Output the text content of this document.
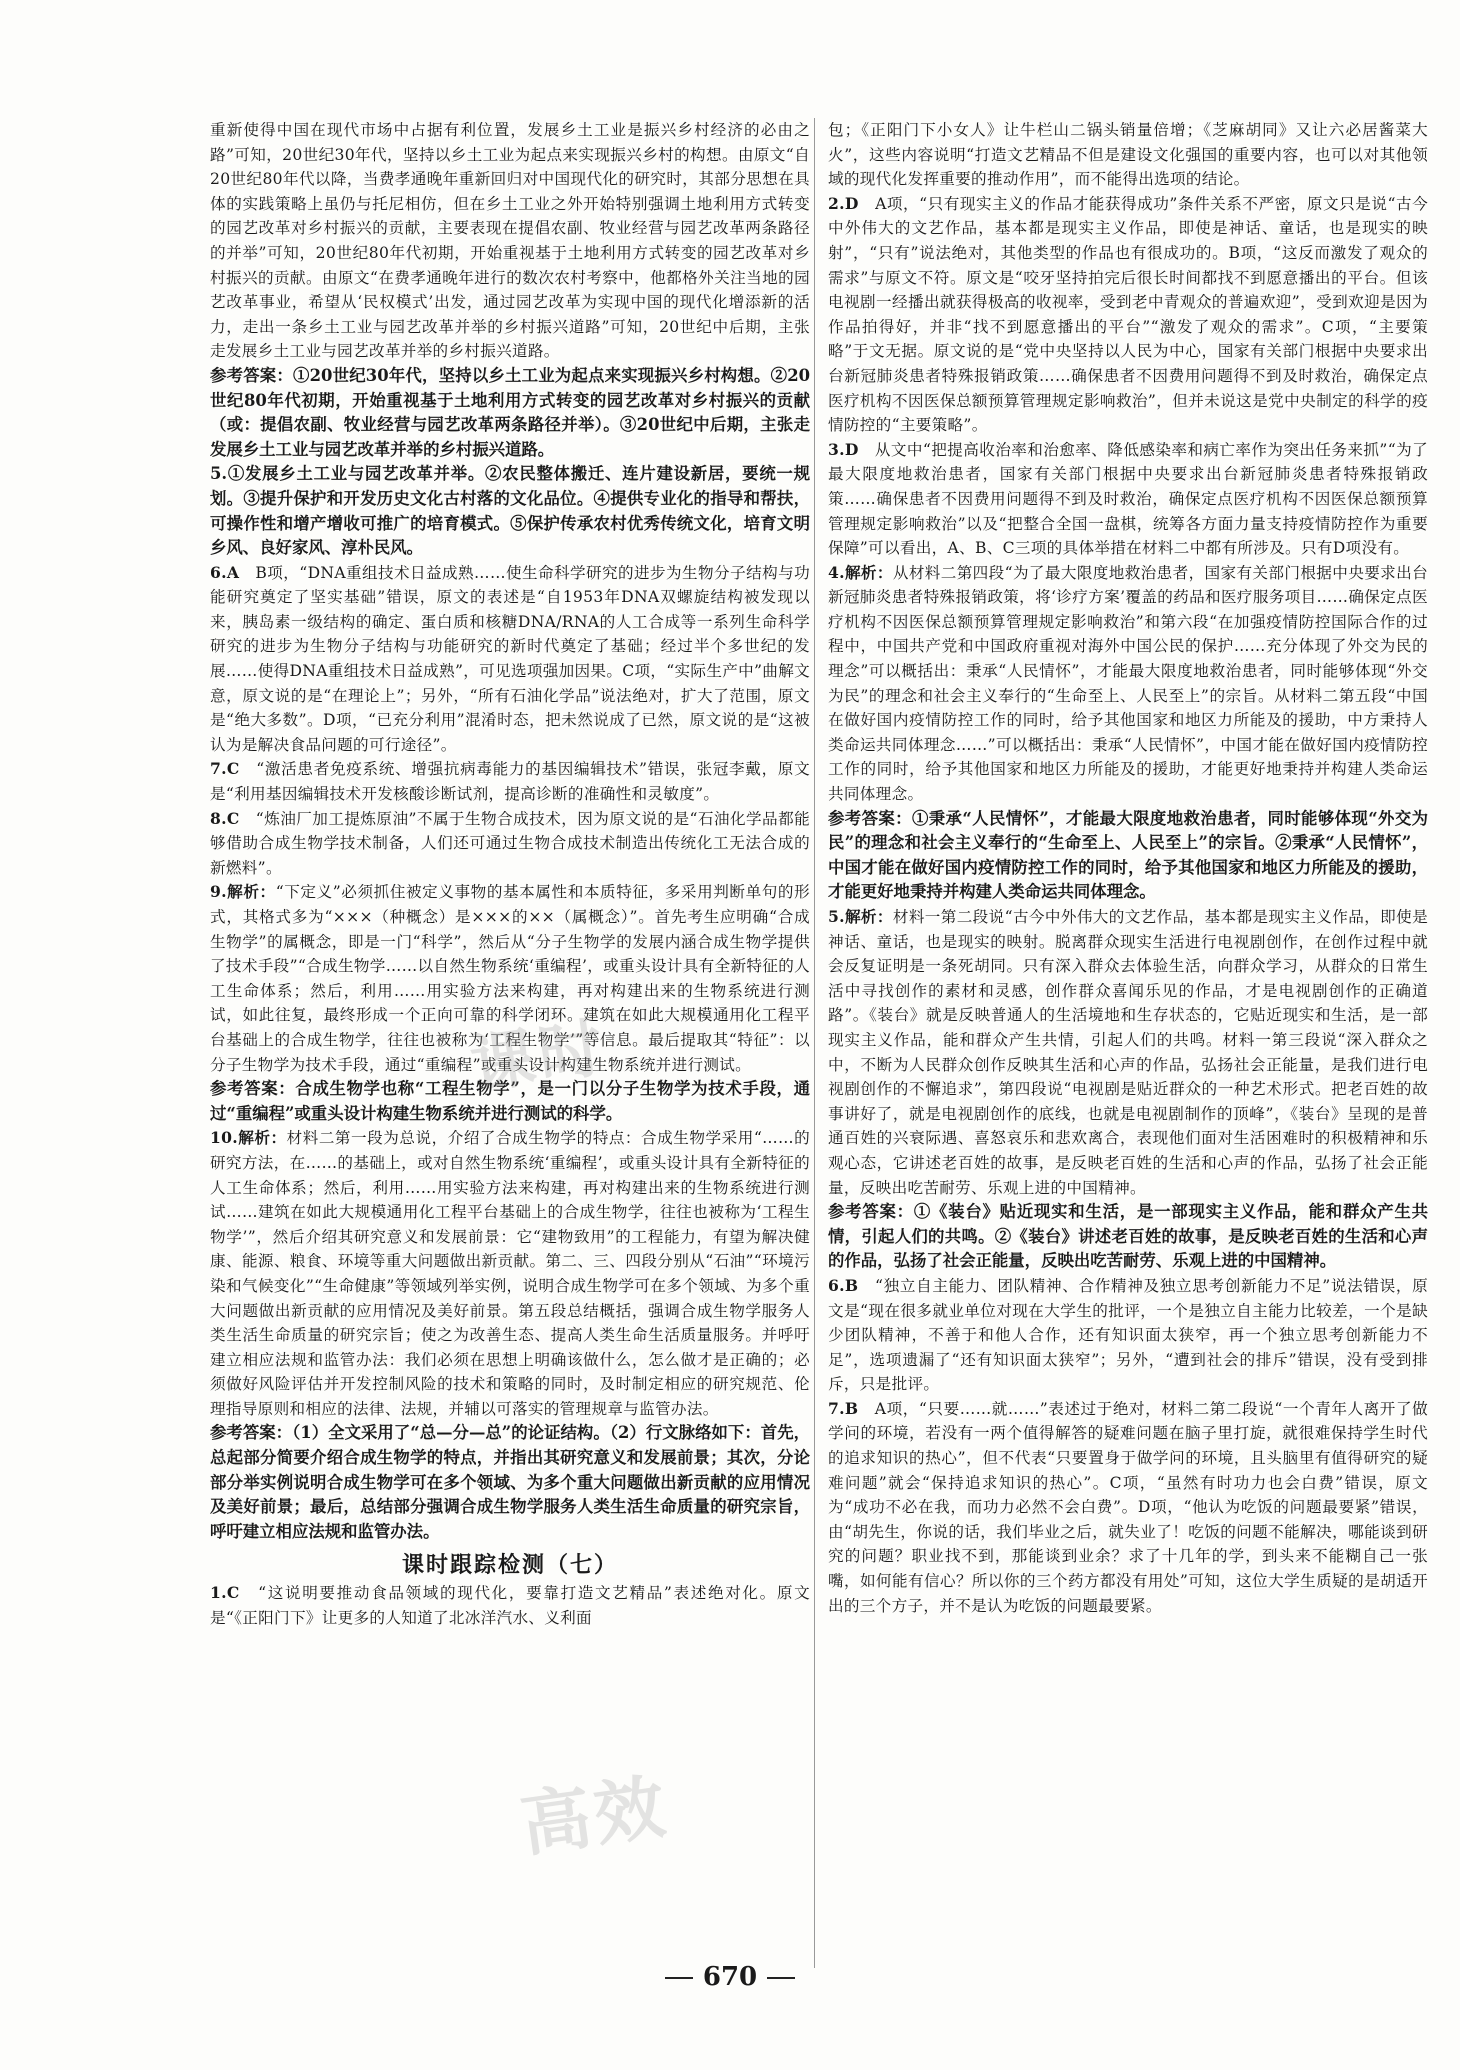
重新使得中国在现代市场中占据有利位置，发展乡土工业是振兴乡村经济的必由之路”可知，20世纪30年代，坚持以乡土工业为起点来实现振兴乡村的构想。由原文“自20世纪80年代以降，当费孝通晚年重新回归对中国现代化的研究时，其部分思想在具体的实践策略上虽仍与托尼相仿，但在乡土工业之外开始特别强调土地利用方式转变的园艺改革对乡村振兴的贡献，主要表现在提倡农副、牧业经营与园艺改革两条路径的并举”可知，20世纪80年代初期，开始重视基于土地利用方式转变的园艺改革对乡村振兴的贡献。由原文“在费孝通晚年进行的数次农村考察中，他都格外关注当地的园艺改革事业，希望从‘民权模式’出发，通过园艺改革为实现中国的现代化增添新的活力，走出一条乡土工业与园艺改革并举的乡村振兴道路”可知，20世纪中后期，主张走发展乡土工业与园艺改革并举的乡村振兴道路。

参考答案：①20世纪30年代，坚持以乡土工业为起点来实现振兴乡村构想。②20世纪80年代初期，开始重视基于土地利用方式转变的园艺改革对乡村振兴的贡献（或：提倡农副、牧业经营与园艺改革两条路径并举）。③20世纪中后期，主张走发展乡土工业与园艺改革并举的乡村振兴道路。

5.①发展乡土工业与园艺改革并举。②农民整体搬迁、连片建设新居，要统一规划。③提升保护和开发历史文化古村落的文化品位。④提供专业化的指导和帮扶，可操作性和增产增收可推广的培育模式。⑤保护传承农村优秀传统文化，培育文明乡风、良好家风、淳朴民风。

6.A　 B项，“DNA重组技术日益成熟……使生命科学研究的进步为生物分子结构与功能研究奠定了坚实基础”错误，原文的表述是“自1953年DNA双螺旋结构被发现以来，胰岛素一级结构的确定、蛋白质和核糖DNA/RNA的人工合成等一系列生命科学研究的进步为生物分子结构与功能研究的新时代奠定了基础；经过半个多世纪的发展……使得DNA重组技术日益成熟”，可见选项强加因果。C项，“实际生产中”曲解文意，原文说的是“在理论上”；另外，“所有石油化学品”说法绝对，扩大了范围，原文是“绝大多数”。D项，“已充分利用”混淆时态，把未然说成了已然，原文说的是“这被认为是解决食品问题的可行途径”。

7.C　 “激活患者免疫系统、增强抗病毒能力的基因编辑技术”错误，张冠李戴，原文是“利用基因编辑技术开发核酸诊断试剂，提高诊断的准确性和灵敏度”。

8.C　 “炼油厂加工提炼原油”不属于生物合成技术，因为原文说的是“石油化学品都能够借助合成生物学技术制备，人们还可通过生物合成技术制造出传统化工无法合成的新燃料”。

9.解析：“下定义”必须抓住被定义事物的基本属性和本质特征，多采用判断单句的形式，其格式多为“×××（种概念）是×××的××（属概念）”。首先考生应明确“合成生物学”的属概念，即是一门“科学”，然后从“分子生物学的发展内涵合成生物学提供了技术手段”“合成生物学……以自然生物系统‘重编程’，或重头设计具有全新特征的人工生命体系；然后，利用……用实验方法来构建，再对构建出来的生物系统进行测试，如此往复，最终形成一个正向可靠的科学闭环。建筑在如此大规模通用化工程平台基础上的合成生物学，往往也被称为‘工程生物学’”等信息。最后提取其“特征”：以分子生物学为技术手段，通过“重编程”或重头设计构建生物系统并进行测试。

参考答案：合成生物学也称“工程生物学”，是一门以分子生物学为技术手段，通过“重编程”或重头设计构建生物系统并进行测试的科学。

10.解析：材料二第一段为总说，介绍了合成生物学的特点：合成生物学采用“……的研究方法，在……的基础上，或对自然生物系统‘重编程’，或重头设计具有全新特征的人工生命体系；然后，利用……用实验方法来构建，再对构建出来的生物系统进行测试……建筑在如此大规模通用化工程平台基础上的合成生物学，往往也被称为‘工程生物学’”，然后介绍其研究意义和发展前景：它“建物致用”的工程能力，有望为解决健康、能源、粮食、环境等重大问题做出新贡献。第二、三、四段分别从“石油”“环境污染和气候变化”“生命健康”等领域列举实例，说明合成生物学可在多个领域、为多个重大问题做出新贡献的应用情况及美好前景。第五段总结概括，强调合成生物学服务人类生活生命质量的研究宗旨；使之为改善生态、提高人类生命生活质量服务。并呼吁建立相应法规和监管办法：我们必须在思想上明确该做什么，怎么做才是正确的；必须做好风险评估并开发控制风险的技术和策略的同时，及时制定相应的研究规范、伦理指导原则和相应的法律、法规，并辅以可落实的管理规章与监管办法。

参考答案：（1）全文采用了“总—分—总”的论证结构。（2）行文脉络如下：首先，总起部分简要介绍合成生物学的特点，并指出其研究意义和发展前景；其次，分论部分举实例说明合成生物学可在多个领域、为多个重大问题做出新贡献的应用情况及美好前景；最后，总结部分强调合成生物学服务人类生活生命质量的研究宗旨，呼吁建立相应法规和监管办法。

课时跟踪检测（七）

1.C　 “这说明要推动食品领域的现代化，要靠打造文艺精品”表述绝对化。原文是“《正阳门下》让更多的人知道了北冰洋汽水、义利面

包；《正阳门下小女人》让牛栏山二锅头销量倍增；《芝麻胡同》又让六必居酱菜大火”，这些内容说明“打造文艺精品不但是建设文化强国的重要内容，也可以对其他领域的现代化发挥重要的推动作用”，而不能得出选项的结论。

2.D　 A项，“只有现实主义的作品才能获得成功”条件关系不严密，原文只是说“古今中外伟大的文艺作品，基本都是现实主义作品，即使是神话、童话，也是现实的映射”，“只有”说法绝对，其他类型的作品也有很成功的。B项，“这反而激发了观众的需求”与原文不符。原文是“咬牙坚持拍完后很长时间都找不到愿意播出的平台。但该电视剧一经播出就获得极高的收视率，受到老中青观众的普遍欢迎”，受到欢迎是因为作品拍得好，并非“找不到愿意播出的平台”“激发了观众的需求”。C项，“主要策略”于文无据。原文说的是“党中央坚持以人民为中心，国家有关部门根据中央要求出台新冠肺炎患者特殊报销政策……确保患者不因费用问题得不到及时救治，确保定点医疗机构不因医保总额预算管理规定影响救治”，但并未说这是党中央制定的科学的疫情防控的“主要策略”。

3.D　 从文中“把提高收治率和治愈率、降低感染率和病亡率作为突出任务来抓”“为了最大限度地救治患者，国家有关部门根据中央要求出台新冠肺炎患者特殊报销政策……确保患者不因费用问题得不到及时救治，确保定点医疗机构不因医保总额预算管理规定影响救治”以及“把整合全国一盘棋，统筹各方面力量支持疫情防控作为重要保障”可以看出，A、B、C三项的具体举措在材料二中都有所涉及。只有D项没有。

4.解析：从材料二第四段“为了最大限度地救治患者，国家有关部门根据中央要求出台新冠肺炎患者特殊报销政策，将‘诊疗方案’覆盖的药品和医疗服务项目……确保定点医疗机构不因医保总额预算管理规定影响救治”和第六段“在加强疫情防控国际合作的过程中，中国共产党和中国政府重视对海外中国公民的保护……充分体现了外交为民的理念”可以概括出：秉承“人民情怀”，才能最大限度地救治患者，同时能够体现“外交为民”的理念和社会主义奉行的“生命至上、人民至上”的宗旨。从材料二第五段“中国在做好国内疫情防控工作的同时，给予其他国家和地区力所能及的援助，中方秉持人类命运共同体理念……”可以概括出：秉承“人民情怀”，中国才能在做好国内疫情防控工作的同时，给予其他国家和地区力所能及的援助，才能更好地秉持并构建人类命运共同体理念。

参考答案：①秉承“人民情怀”，才能最大限度地救治患者，同时能够体现“外交为民”的理念和社会主义奉行的“生命至上、人民至上”的宗旨。②秉承“人民情怀”，中国才能在做好国内疫情防控工作的同时，给予其他国家和地区力所能及的援助，才能更好地秉持并构建人类命运共同体理念。

5.解析：材料一第二段说“古今中外伟大的文艺作品，基本都是现实主义作品，即使是神话、童话，也是现实的映射。脱离群众现实生活进行电视剧创作，在创作过程中就会反复证明是一条死胡同。只有深入群众去体验生活，向群众学习，从群众的日常生活中寻找创作的素材和灵感，创作群众喜闻乐见的作品，才是电视剧创作的正确道路”。《装台》就是反映普通人的生活境地和生存状态的，它贴近现实和生活，是一部现实主义作品，能和群众产生共情，引起人们的共鸣。材料一第三段说“深入群众之中，不断为人民群众创作反映其生活和心声的作品，弘扬社会正能量，是我们进行电视剧创作的不懈追求”，第四段说“电视剧是贴近群众的一种艺术形式。把老百姓的故事讲好了，就是电视剧创作的底线，也就是电视剧制作的顶峰”，《装台》呈现的是普通百姓的兴衰际遇、喜怒哀乐和悲欢离合，表现他们面对生活困难时的积极精神和乐观心态，它讲述老百姓的故事，是反映老百姓的生活和心声的作品，弘扬了社会正能量，反映出吃苦耐劳、乐观上进的中国精神。

参考答案：①《装台》贴近现实和生活，是一部现实主义作品，能和群众产生共情，引起人们的共鸣。②《装台》讲述老百姓的故事，是反映老百姓的生活和心声的作品，弘扬了社会正能量，反映出吃苦耐劳、乐观上进的中国精神。

6.B　 “独立自主能力、团队精神、合作精神及独立思考创新能力不足”说法错误，原文是“现在很多就业单位对现在大学生的批评，一个是独立自主能力比较差，一个是缺少团队精神，不善于和他人合作，还有知识面太狭窄，再一个独立思考创新能力不足”，选项遗漏了“还有知识面太狭窄”；另外，“遭到社会的排斥”错误，没有受到排斥，只是批评。

7.B　 A项，“只要……就……”表述过于绝对，材料二第二段说“一个青年人离开了做学问的环境，若没有一两个值得解答的疑难问题在脑子里打旋，就很难保持学生时代的追求知识的热心”，但不代表“只要置身于做学问的环境，且头脑里有值得研究的疑难问题”就会“保持追求知识的热心”。C项，“虽然有时功力也会白费”错误，原文为“成功不必在我，而功力必然不会白费”。D项，“他认为吃饭的问题最要紧”错误，由“胡先生，你说的话，我们毕业之后，就失业了！吃饭的问题不能解决，哪能谈到研究的问题？职业找不到，那能谈到业余？求了十几年的学，到头来不能糊自己一张嘴，如何能有信心？所以你的三个药方都没有用处”可知，这位大学生质疑的是胡适开出的三个方子，并不是认为吃饭的问题最要紧。

课时
高效
670
